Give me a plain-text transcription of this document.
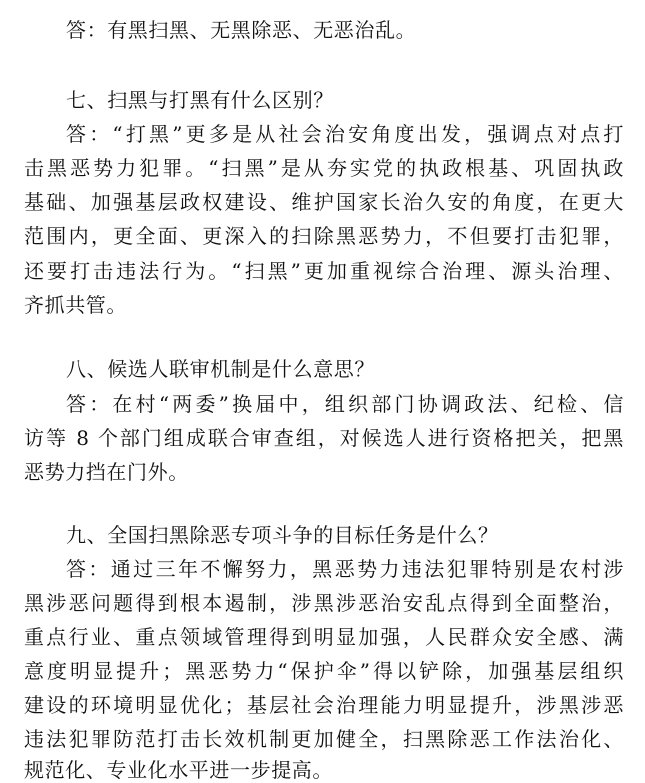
答：有黑扫黑、无黑除恶、无恶治乱。
七、扫黑与打黑有什么区别？
答：“打黑”更多是从社会治安角度出发，强调点对点打
击黑恶势力犯罪。“扫黑”是从夯实党的执政根基、巩固执政
基础、加强基层政权建设、维护国家长治久安的角度，在更大
范围内，更全面、更深入的扫除黑恶势力，不但要打击犯罪，
还要打击违法行为。“扫黑”更加重视综合治理、源头治理、
齐抓共管。
八、候选人联审机制是什么意思？
答：在村“两委”换届中，组织部门协调政法、纪检、信
访等 8 个部门组成联合审查组，对候选人进行资格把关，把黑
恶势力挡在门外。
九、全国扫黑除恶专项斗争的目标任务是什么？
答：通过三年不懈努力，黑恶势力违法犯罪特别是农村涉
黑涉恶问题得到根本遏制，涉黑涉恶治安乱点得到全面整治，
重点行业、重点领域管理得到明显加强，人民群众安全感、满
意度明显提升；黑恶势力“保护伞”得以铲除，加强基层组织
建设的环境明显优化；基层社会治理能力明显提升，涉黑涉恶
违法犯罪防范打击长效机制更加健全，扫黑除恶工作法治化、
规范化、专业化水平进一步提高。
